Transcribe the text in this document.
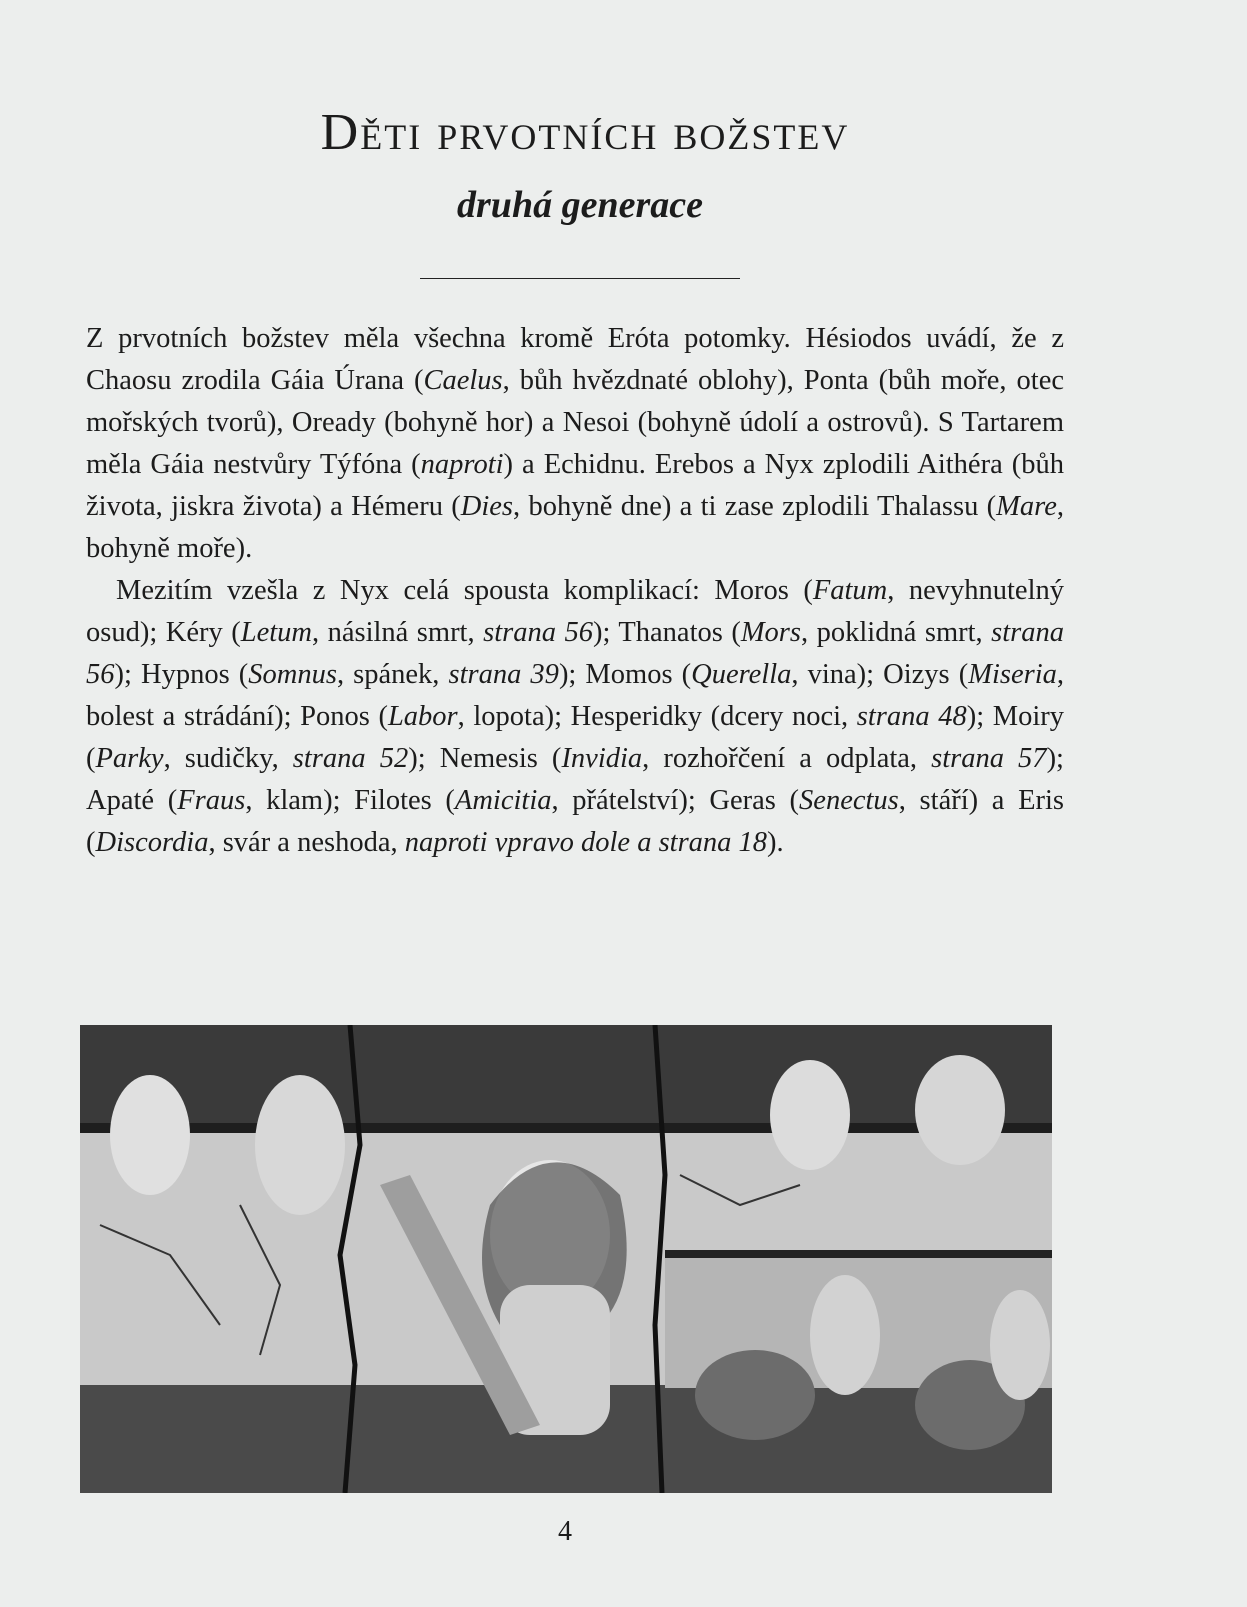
Děti prvotních božstev
druhá generace

Z prvotních božstev měla všechna kromě Eróta potomky. Hésiodos uvádí, že z Chaosu zrodila Gáia Úrana (Caelus, bůh hvězdnaté oblohy), Ponta (bůh moře, otec mořských tvorů), Oready (bohyně hor) a Nesoi (bohyně údolí a ostrovů). S Tartarem měla Gáia nestvůry Týfóna (naproti) a Echidnu. Erebos a Nyx zplodili Aithéra (bůh života, jiskra života) a Hémeru (Dies, bohyně dne) a ti zase zplodili Thalassu (Mare, bohyně moře).

Mezitím vzešla z Nyx celá spousta komplikací: Moros (Fatum, nevyhnutelný osud); Kéry (Letum, násilná smrt, strana 56); Thanatos (Mors, poklidná smrt, strana 56); Hypnos (Somnus, spánek, strana 39); Momos (Querella, vina); Oizys (Miseria, bolest a strádání); Ponos (Labor, lopota); Hesperidky (dcery noci, strana 48); Moiry (Parky, sudičky, strana 52); Nemesis (Invidia, rozhořčení a odplata, strana 57); Apaté (Fraus, klam); Filotes (Amicitia, přátelství); Geras (Senectus, stáří) a Eris (Discordia, svár a neshoda, naproti vpravo dole a strana 18).

4
